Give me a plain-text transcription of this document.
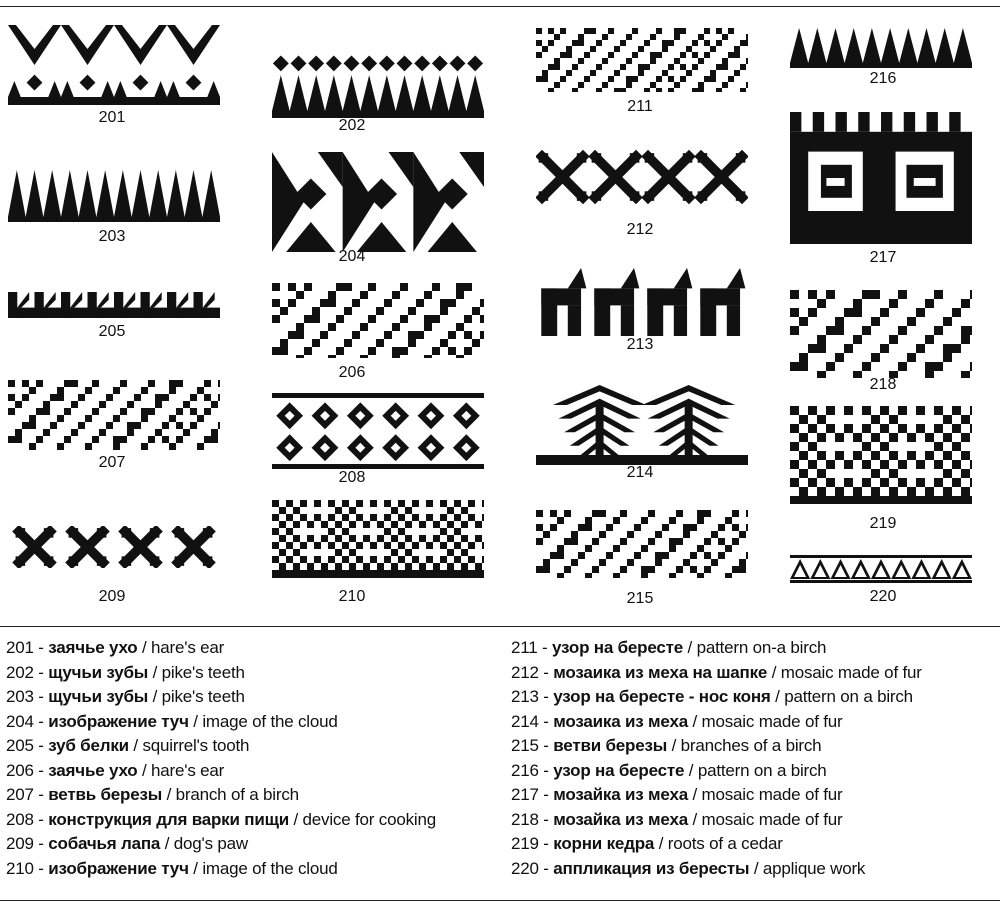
201	202
203
204
205
206
207
208
209	210
211
212
213
214
215
216
217
218
219
220
201 - заячье ухо / hare's ear
202 - щучьи зубы / pike's teeth
203 - щучьи зубы / pike's teeth
204 - изображение туч / image of the cloud
205 - зуб белки / squirrel's tooth
206 - заячье ухо / hare's ear
207 - ветвь березы / branch of a birch
208 - конструкция для варки пищи / device for cooking
209 - собачья лапа / dog's paw
210 - изображение туч / image of the cloud
211 - узор на бересте / pattern on-a birch
212 - мозаика из меха на шапке / mosaic made of fur
213 - узор на бересте - нос коня / pattern on a birch
214 - мозаика из меха / mosaic made of fur
215 - ветви березы / branches of a birch
216 - узор на бересте / pattern on a birch
217 - мозайка из меха / mosaic made of fur
218 - мозайка из меха / mosaic made of fur
219 - корни кедра / roots of a cedar
220 - аппликация из бересты / applique work
